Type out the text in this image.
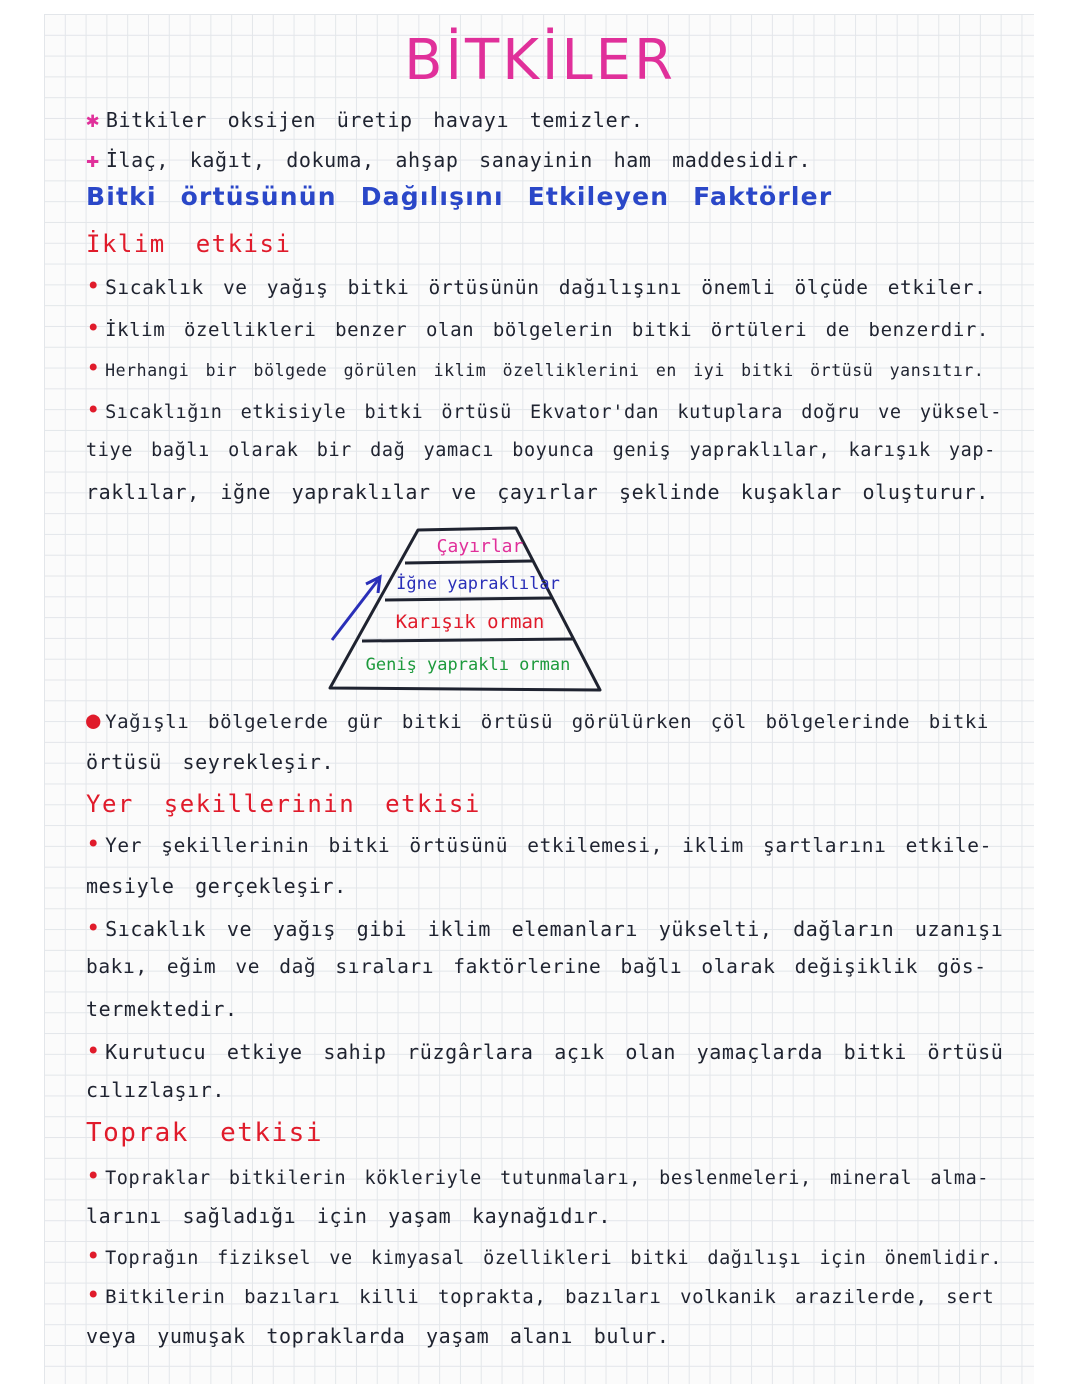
BİTKİLER
✱ Bitkiler oksijen üretip havayı temizler.
✚ İlaç, kağıt, dokuma, ahşap sanayinin ham maddesidir.
Bitki örtüsünün Dağılışını Etkileyen Faktörler
İklim etkisi
• Sıcaklık ve yağış bitki örtüsünün dağılışını önemli ölçüde etkiler.
• İklim özellikleri benzer olan bölgelerin bitki örtüleri de benzerdir.
• Herhangi bir bölgede görülen iklim özelliklerini en iyi bitki örtüsü yansıtır.
• Sıcaklığın etkisiyle bitki örtüsü Ekvator'dan kutuplara doğru ve yüksel-
tiye bağlı olarak bir dağ yamacı boyunca geniş yapraklılar, karışık yap-
raklılar, iğne yapraklılar ve çayırlar şeklinde kuşaklar oluşturur.
Çayırlar
İğne yapraklılar
Karışık orman
Geniş yapraklı orman
● Yağışlı bölgelerde gür bitki örtüsü görülürken çöl bölgelerinde bitki
örtüsü seyrekleşir.
Yer şekillerinin etkisi
• Yer şekillerinin bitki örtüsünü etkilemesi, iklim şartlarını etkile-
mesiyle gerçekleşir.
• Sıcaklık ve yağış gibi iklim elemanları yükselti, dağların uzanışı
bakı, eğim ve dağ sıraları faktörlerine bağlı olarak değişiklik gös-
termektedir.
• Kurutucu etkiye sahip rüzgârlara açık olan yamaçlarda bitki örtüsü
cılızlaşır.
Toprak etkisi
• Topraklar bitkilerin kökleriyle tutunmaları, beslenmeleri, mineral alma-
larını sağladığı için yaşam kaynağıdır.
• Toprağın fiziksel ve kimyasal özellikleri bitki dağılışı için önemlidir.
• Bitkilerin bazıları killi toprakta, bazıları volkanik arazilerde, sert
veya yumuşak topraklarda yaşam alanı bulur.
